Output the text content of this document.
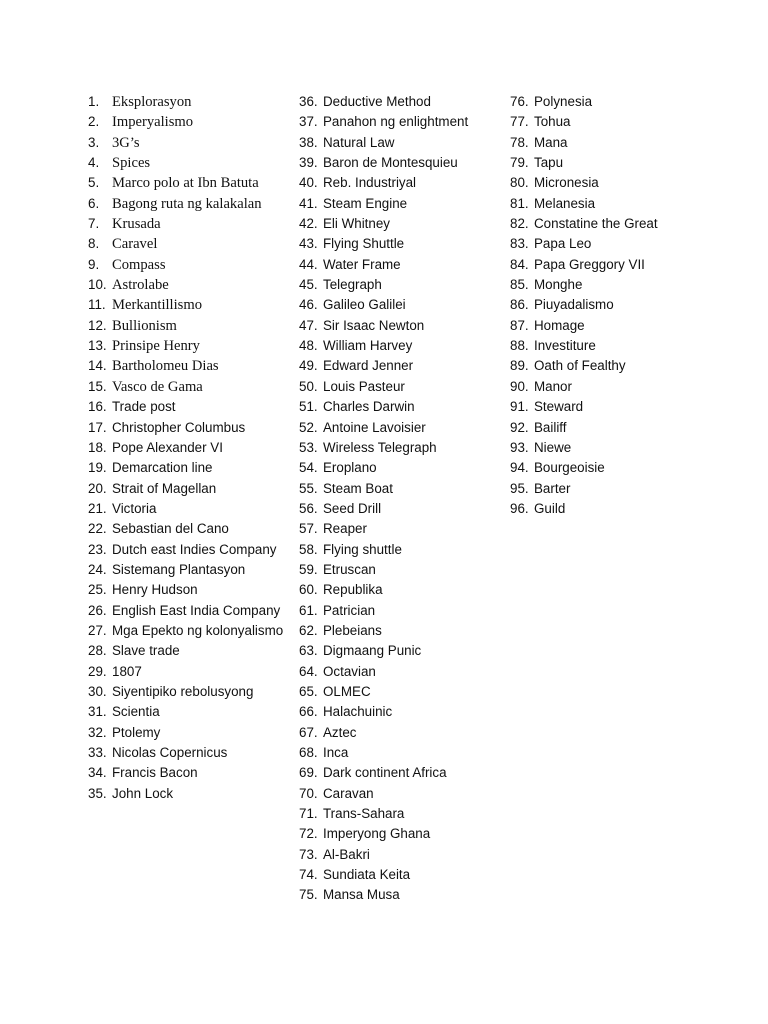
1. Eksplorasyon
2. Imperyalismo
3. 3G’s
4. Spices
5. Marco polo at Ibn Batuta
6. Bagong ruta ng kalakalan
7. Krusada
8. Caravel
9. Compass
10. Astrolabe
11. Merkantillismo
12. Bullionism
13. Prinsipe Henry
14. Bartholomeu Dias
15. Vasco de Gama
16. Trade post
17. Christopher Columbus
18. Pope Alexander VI
19. Demarcation line
20. Strait of Magellan
21. Victoria
22. Sebastian del Cano
23. Dutch east Indies Company
24. Sistemang Plantasyon
25. Henry Hudson
26. English East India Company
27. Mga Epekto ng kolonyalismo
28. Slave trade
29. 1807
30. Siyentipiko rebolusyong
31. Scientia
32. Ptolemy
33. Nicolas Copernicus
34. Francis Bacon
35. John Lock
36. Deductive Method
37. Panahon ng enlightment
38. Natural Law
39. Baron de Montesquieu
40. Reb. Industriyal
41. Steam Engine
42. Eli Whitney
43. Flying Shuttle
44. Water Frame
45. Telegraph
46. Galileo Galilei
47. Sir Isaac Newton
48. William Harvey
49. Edward Jenner
50. Louis Pasteur
51. Charles Darwin
52. Antoine Lavoisier
53. Wireless Telegraph
54. Eroplano
55. Steam Boat
56. Seed Drill
57. Reaper
58. Flying shuttle
59. Etruscan
60. Republika
61. Patrician
62. Plebeians
63. Digmaang Punic
64. Octavian
65. OLMEC
66. Halachuinic
67. Aztec
68. Inca
69. Dark continent Africa
70. Caravan
71. Trans-Sahara
72. Imperyong Ghana
73. Al-Bakri
74. Sundiata Keita
75. Mansa Musa
76. Polynesia
77. Tohua
78. Mana
79. Tapu
80. Micronesia
81. Melanesia
82. Constatine the Great
83. Papa Leo
84. Papa Greggory VII
85. Monghe
86. Piuyadalismo
87. Homage
88. Investiture
89. Oath of Fealthy
90. Manor
91. Steward
92. Bailiff
93. Niewe
94. Bourgeoisie
95. Barter
96. Guild
